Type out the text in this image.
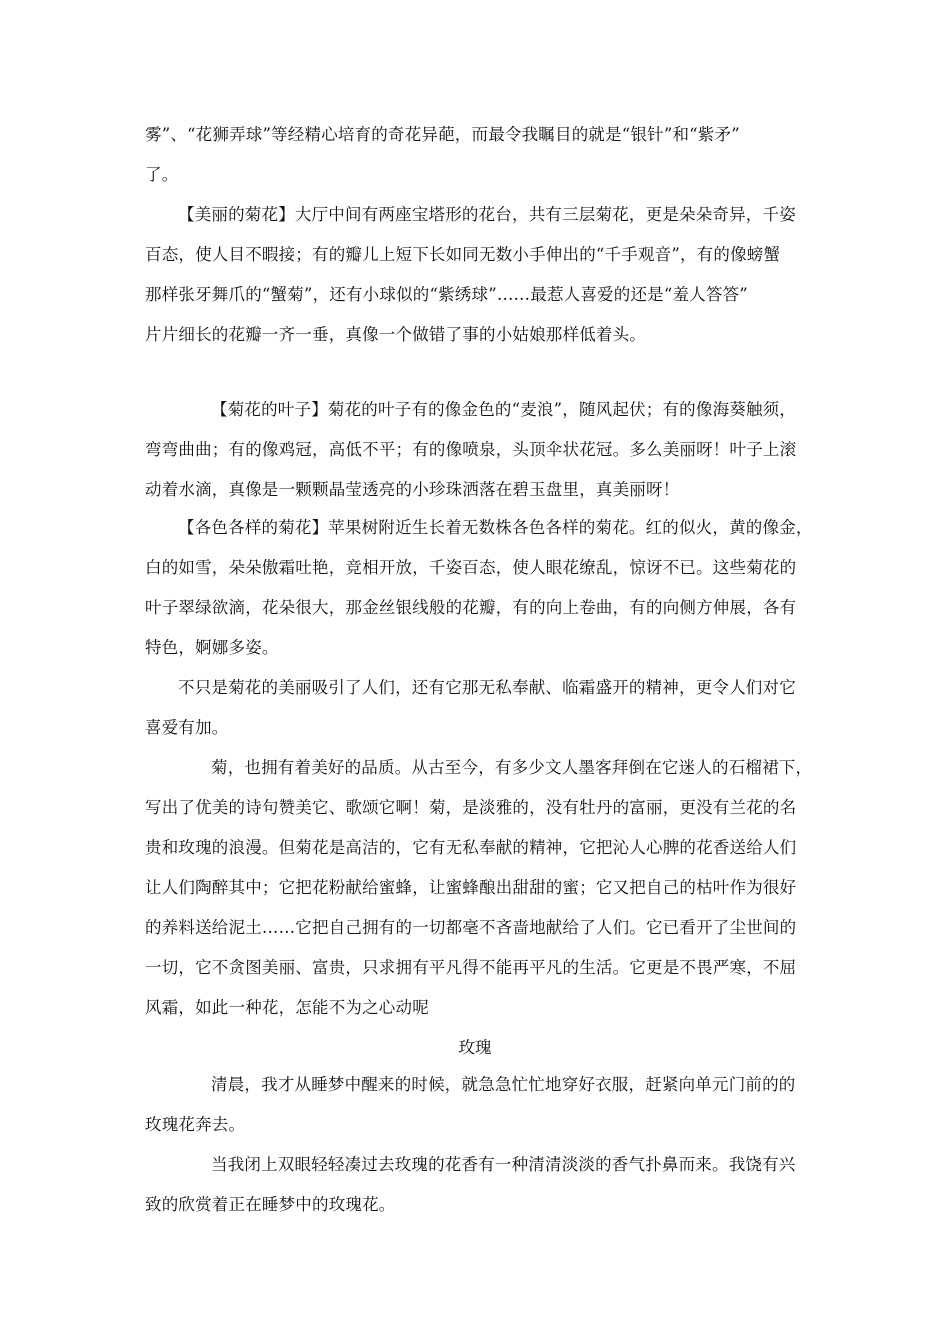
雾”、“花狮弄球”等经精心培育的奇花异葩，而最令我瞩目的就是“银针”和“紫矛”

了。

【美丽的菊花】大厅中间有两座宝塔形的花台，共有三层菊花，更是朵朵奇异，千姿

百态，使人目不暇接；有的瓣儿上短下长如同无数小手伸出的“千手观音”，有的像螃蟹

那样张牙舞爪的“蟹菊”，还有小球似的“紫绣球”……最惹人喜爱的还是“羞人答答”

片片细长的花瓣一齐一垂，真像一个做错了事的小姑娘那样低着头。

【菊花的叶子】菊花的叶子有的像金色的“麦浪”，随风起伏；有的像海葵触须，

弯弯曲曲；有的像鸡冠，高低不平；有的像喷泉，头顶伞状花冠。多么美丽呀！叶子上滚

动着水滴，真像是一颗颗晶莹透亮的小珍珠洒落在碧玉盘里，真美丽呀！

【各色各样的菊花】苹果树附近生长着无数株各色各样的菊花。红的似火，黄的像金，

白的如雪，朵朵傲霜吐艳，竞相开放，千姿百态，使人眼花缭乱，惊讶不已。这些菊花的

叶子翠绿欲滴，花朵很大，那金丝银线般的花瓣，有的向上卷曲，有的向侧方伸展，各有

特色，婀娜多姿。

不只是菊花的美丽吸引了人们，还有它那无私奉献、临霜盛开的精神，更令人们对它

喜爱有加。

菊，也拥有着美好的品质。从古至今，有多少文人墨客拜倒在它迷人的石榴裙下，

写出了优美的诗句赞美它、歌颂它啊！菊，是淡雅的，没有牡丹的富丽，更没有兰花的名

贵和玫瑰的浪漫。但菊花是高洁的，它有无私奉献的精神，它把沁人心脾的花香送给人们

让人们陶醉其中；它把花粉献给蜜蜂，让蜜蜂酿出甜甜的蜜；它又把自己的枯叶作为很好

的养料送给泥土……它把自己拥有的一切都毫不吝啬地献给了人们。它已看开了尘世间的

一切，它不贪图美丽、富贵，只求拥有平凡得不能再平凡的生活。它更是不畏严寒，不屈

风霜，如此一种花，怎能不为之心动呢

玫瑰

清晨，我才从睡梦中醒来的时候，就急急忙忙地穿好衣服，赶紧向单元门前的的

玫瑰花奔去。

当我闭上双眼轻轻凑过去玫瑰的花香有一种清清淡淡的香气扑鼻而来。我饶有兴

致的欣赏着正在睡梦中的玫瑰花。
